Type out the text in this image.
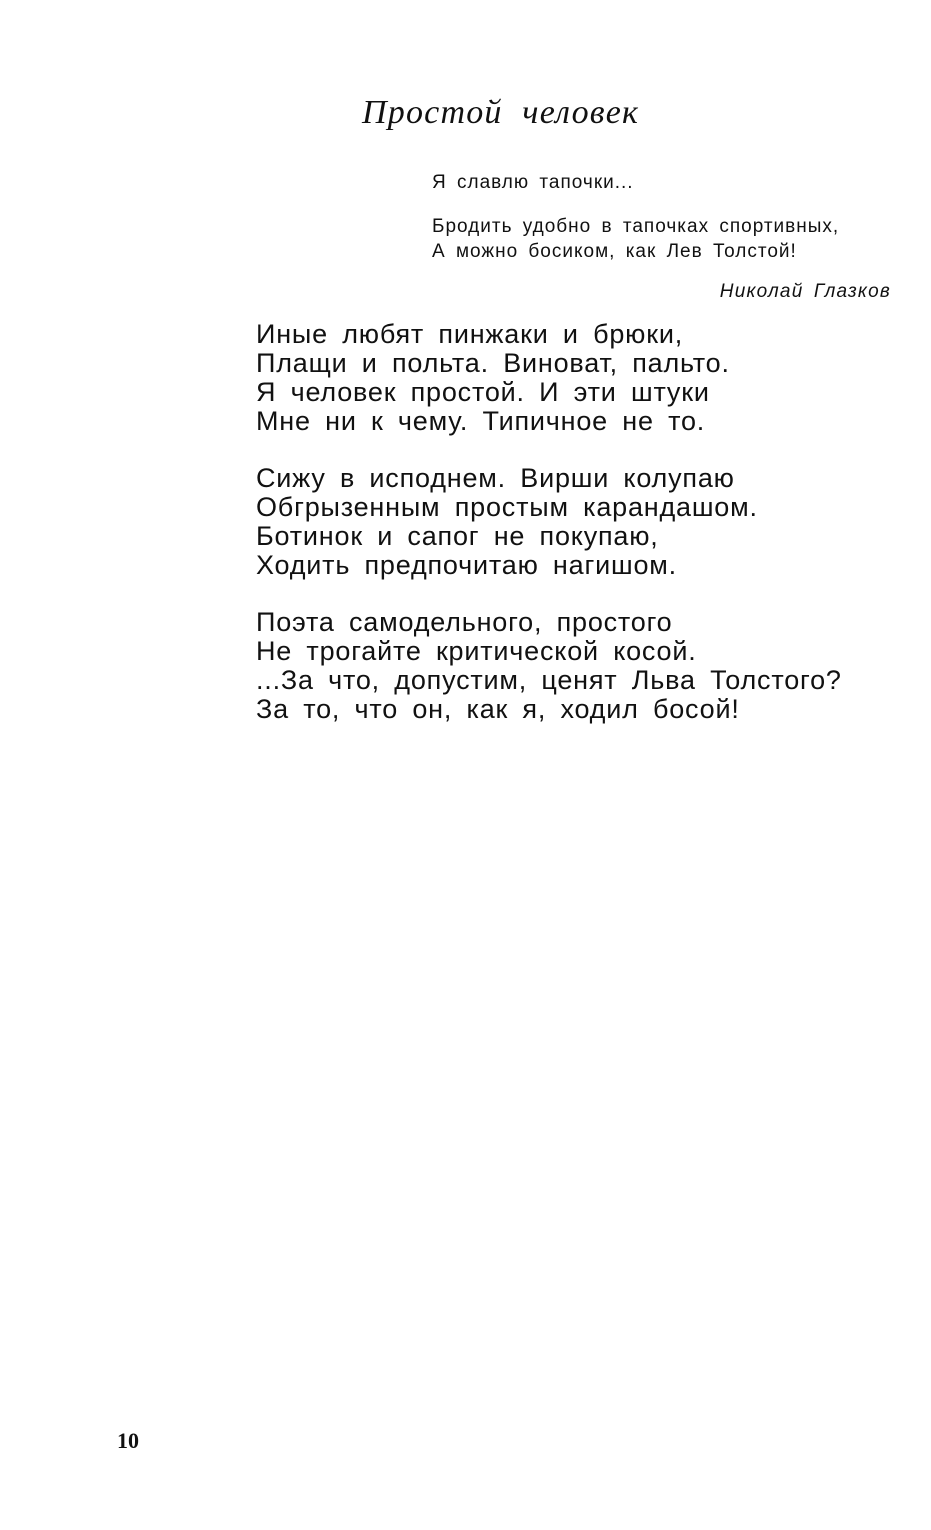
Простой человек
Я славлю тапочки...
Бродить удобно в тапочках спортивных,
А можно босиком, как Лев Толстой!
Николай Глазков
Иные любят пинжаки и брюки,
Плащи и польта. Виноват, пальто.
Я человек простой. И эти штуки
Мне ни к чему. Типичное не то.
Сижу в исподнем. Вирши колупаю
Обгрызенным простым карандашом.
Ботинок и сапог не покупаю,
Ходить предпочитаю нагишом.
Поэта самодельного, простого
Не трогайте критической косой.
...За что, допустим, ценят Льва Толстого?
За то, что он, как я, ходил босой!
10
